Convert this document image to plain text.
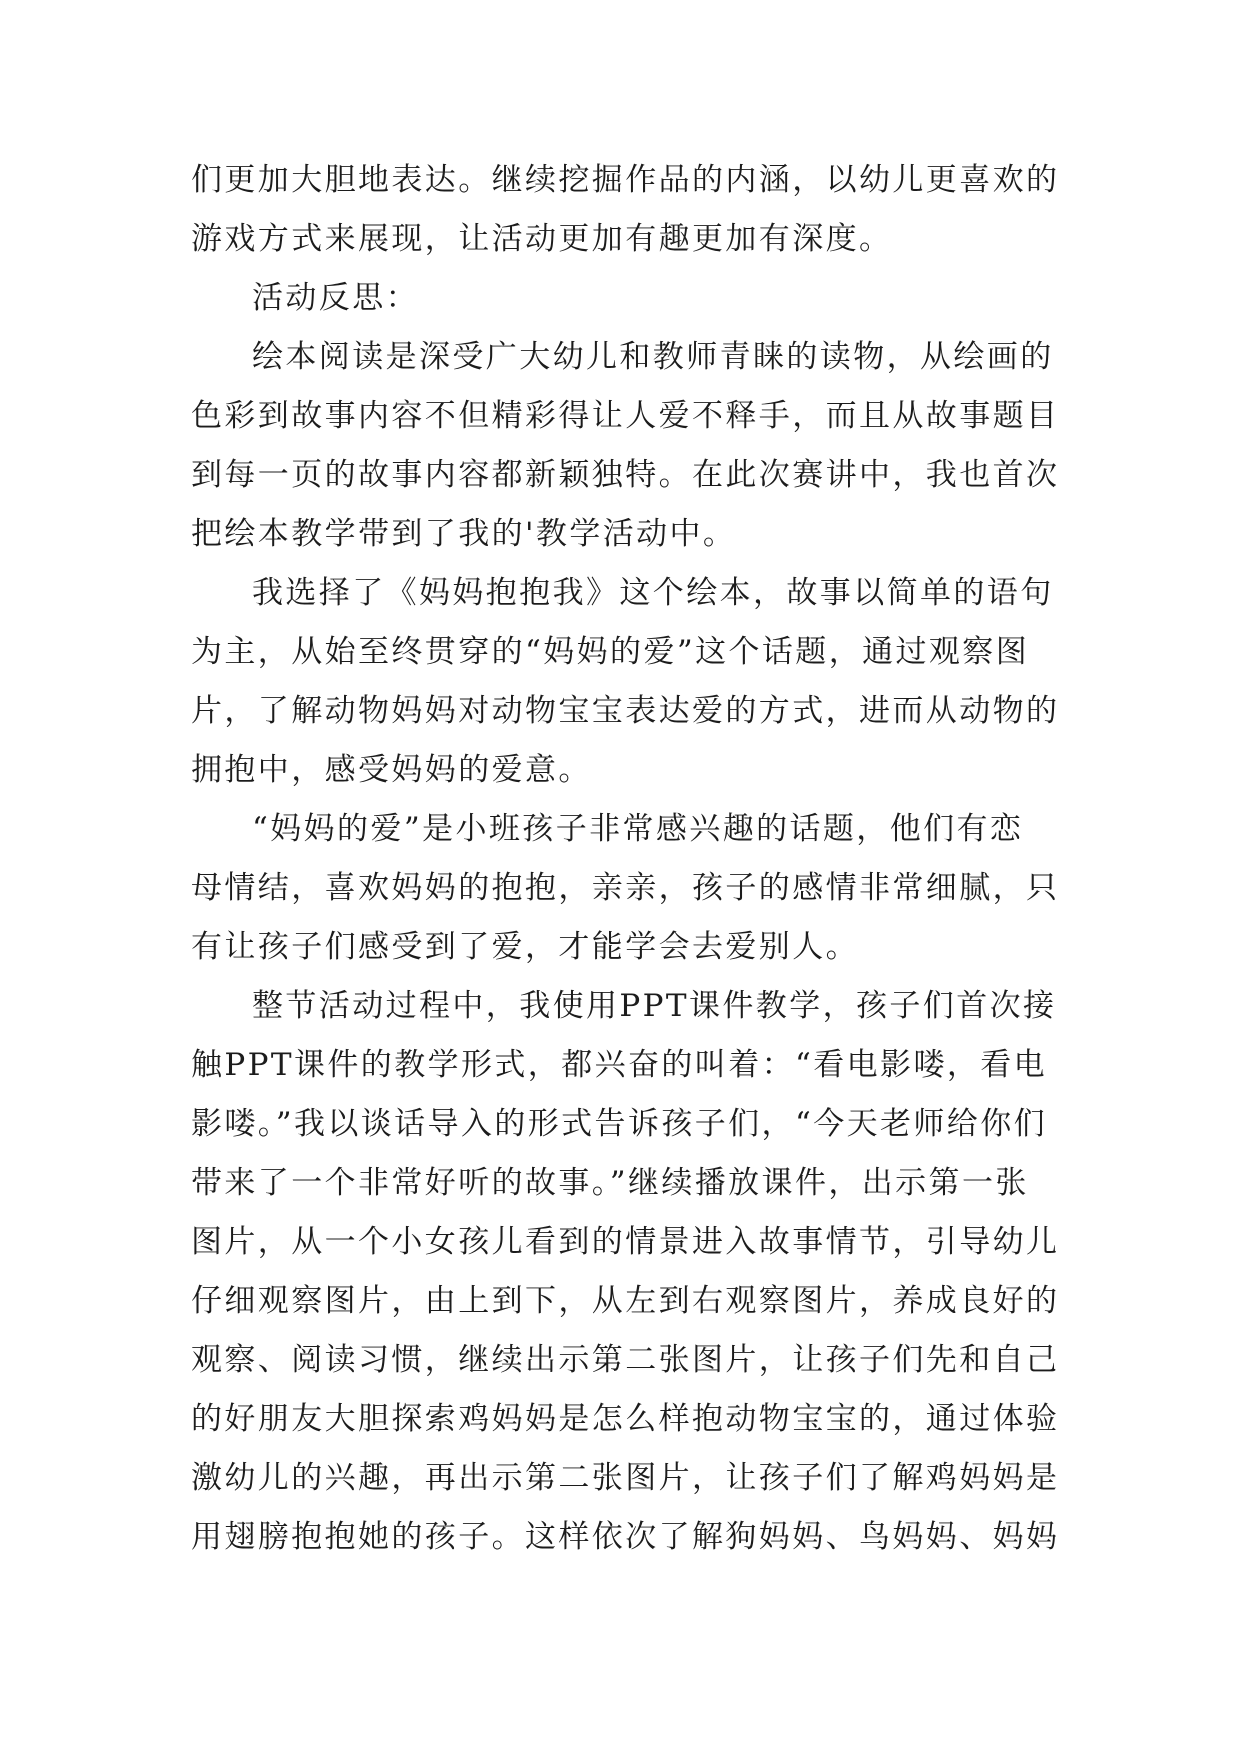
们更加大胆地表达。继续挖掘作品的内涵，以幼儿更喜欢的
游戏方式来展现，让活动更加有趣更加有深度。
活动反思：
绘本阅读是深受广大幼儿和教师青睐的读物，从绘画的
色彩到故事内容不但精彩得让人爱不释手，而且从故事题目
到每一页的故事内容都新颖独特。在此次赛讲中，我也首次
把绘本教学带到了我的'教学活动中。
我选择了《妈妈抱抱我》这个绘本，故事以简单的语句
为主，从始至终贯穿的“妈妈的爱”这个话题，通过观察图
片，了解动物妈妈对动物宝宝表达爱的方式，进而从动物的
拥抱中，感受妈妈的爱意。
“妈妈的爱”是小班孩子非常感兴趣的话题，他们有恋
母情结，喜欢妈妈的抱抱，亲亲，孩子的感情非常细腻，只
有让孩子们感受到了爱，才能学会去爱别人。
整节活动过程中，我使用PPT课件教学，孩子们首次接
触PPT课件的教学形式，都兴奋的叫着：“看电影喽，看电
影喽。”我以谈话导入的形式告诉孩子们，“今天老师给你们
带来了一个非常好听的故事。”继续播放课件，出示第一张
图片，从一个小女孩儿看到的情景进入故事情节，引导幼儿
仔细观察图片，由上到下，从左到右观察图片，养成良好的
观察、阅读习惯，继续出示第二张图片，让孩子们先和自己
的好朋友大胆探索鸡妈妈是怎么样抱动物宝宝的，通过体验
激幼儿的兴趣，再出示第二张图片，让孩子们了解鸡妈妈是
用翅膀抱抱她的孩子。这样依次了解狗妈妈、鸟妈妈、妈妈
